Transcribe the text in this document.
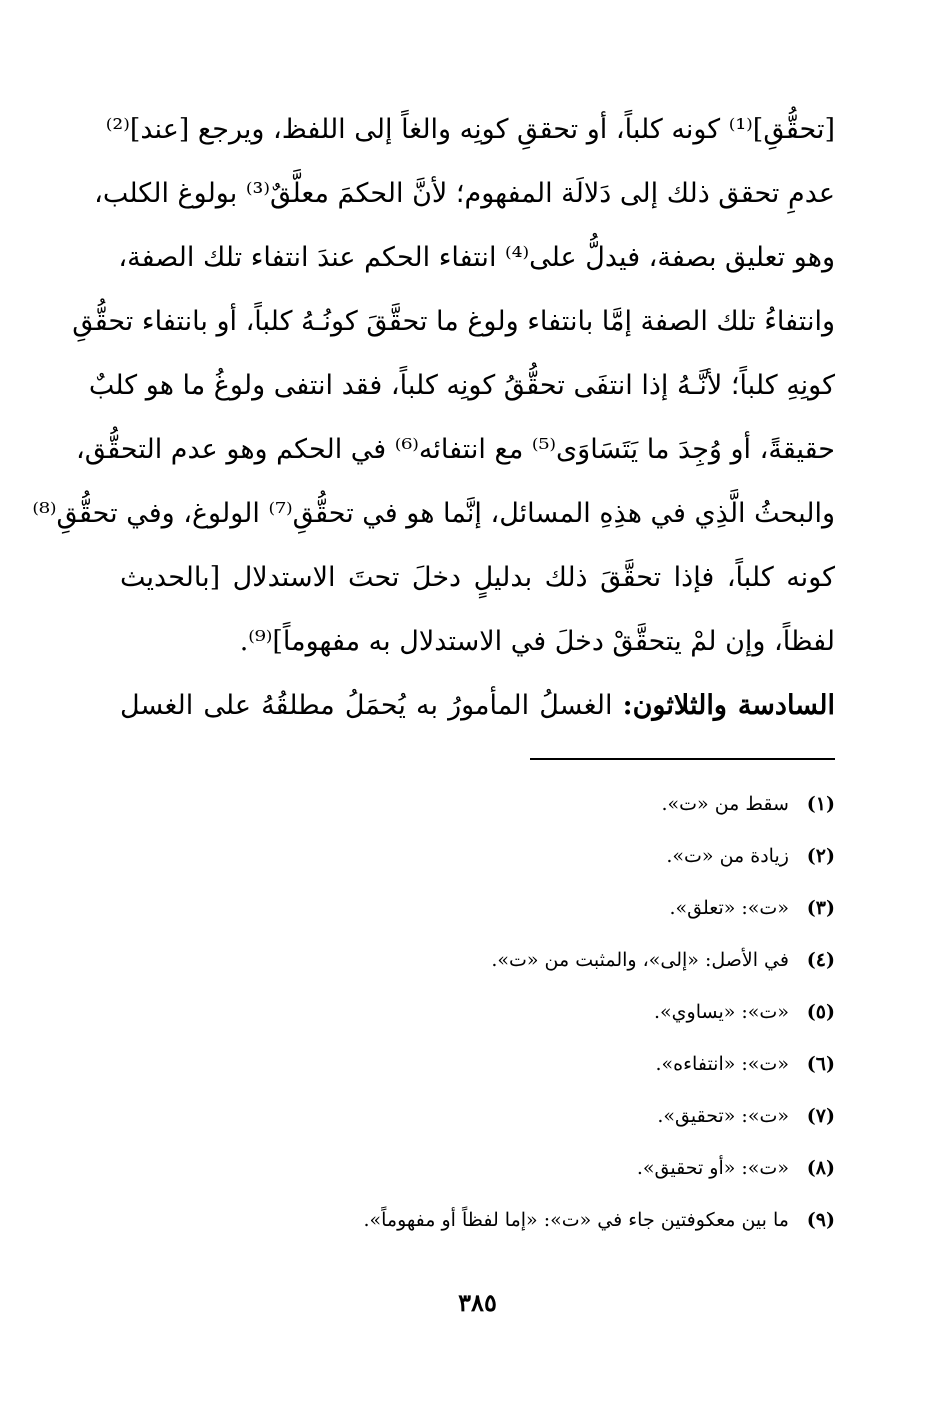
[تحقُّقِ]⁽¹⁾ كونه كلباً، أو تحققِ كونِه والغاً إلى اللفظ، ويرجع [عند]⁽²⁾
عدمِ تحقق ذلك إلى دَلالَة المفهوم؛ لأنَّ الحكمَ معلَّقٌ⁽³⁾ بولوغ الكلب،
وهو تعليق بصفة، فيدلُّ على⁽⁴⁾ انتفاء الحكم عندَ انتفاء تلك الصفة،
وانتفاءُ تلك الصفة إمَّا بانتفاء ولوغ ما تحقَّقَ كونُـهُ كلباً، أو بانتفاء تحقُّقِ
كونِهِ كلباً؛ لأنَّـهُ إذا انتفَى تحقُّقُ كونِه كلباً، فقد انتفى ولوغُ ما هو كلبٌ
حقيقةً، أو وُجِدَ ما يَتَسَاوَى⁽⁵⁾ مع انتفائه⁽⁶⁾ في الحكم وهو عدم التحقُّق،
والبحثُ الَّذِي في هذِهِ المسائل، إنَّما هو في تحقُّقِ⁽⁷⁾ الولوغ، وفي تحقُّقِ⁽⁸⁾
كونه كلباً، فإذا تحقَّقَ ذلك بدليلٍ دخلَ تحتَ الاستدلال [بالحديث
لفظاً، وإن لمْ يتحقَّقْ دخلَ في الاستدلال به مفهوماً]⁽⁹⁾.
السادسة والثلاثون: الغسلُ المأمورُ به يُحمَلُ مطلقُهُ على الغسل
(١) سقط من «ت».
(٢) زيادة من «ت».
(٣) «ت»: «تعلق».
(٤) في الأصل: «إلى»، والمثبت من «ت».
(٥) «ت»: «يساوي».
(٦) «ت»: «انتفاءه».
(٧) «ت»: «تحقيق».
(٨) «ت»: «أو تحقيق».
(٩) ما بين معكوفتين جاء في «ت»: «إما لفظاً أو مفهوماً».
٣٨٥
